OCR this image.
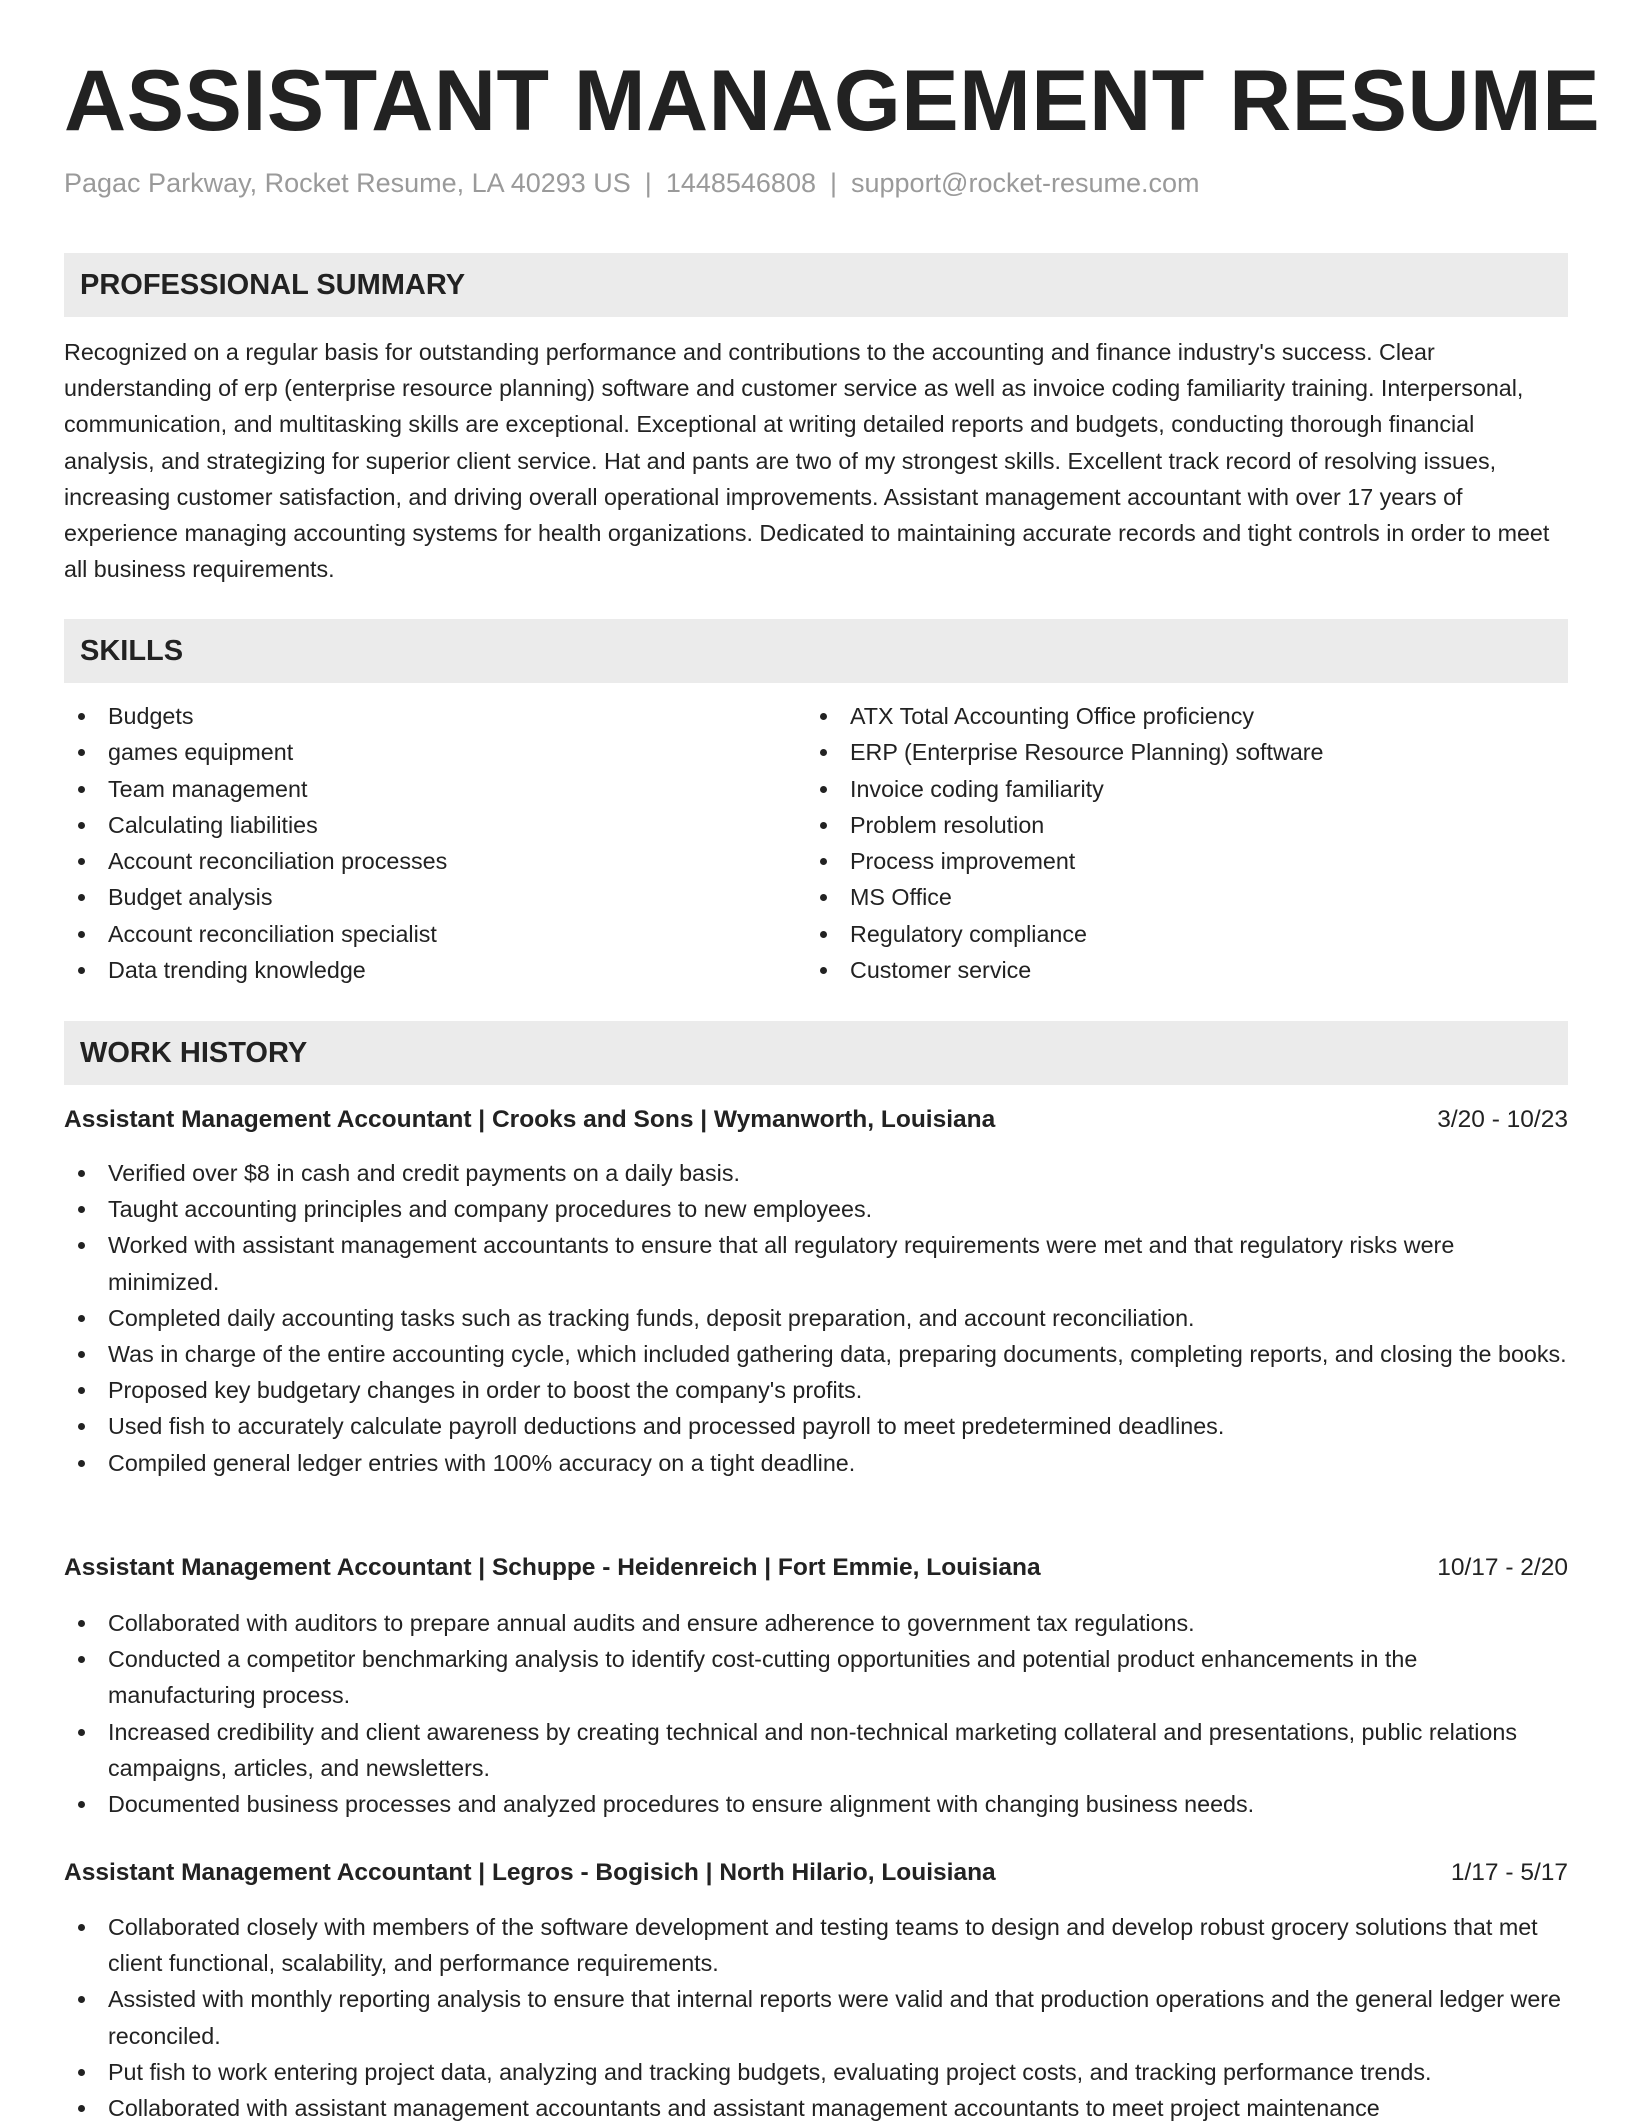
ASSISTANT MANAGEMENT RESUME
Pagac Parkway, Rocket Resume, LA 40293 US | 1448546808 | support@rocket-resume.com
PROFESSIONAL SUMMARY

Recognized on a regular basis for outstanding performance and contributions to the accounting and finance industry's success. Clear understanding of erp (enterprise resource planning) software and customer service as well as invoice coding familiarity training. Interpersonal, communication, and multitasking skills are exceptional. Exceptional at writing detailed reports and budgets, conducting thorough financial analysis, and strategizing for superior client service. Hat and pants are two of my strongest skills. Excellent track record of resolving issues, increasing customer satisfaction, and driving overall operational improvements. Assistant management accountant with over 17 years of experience managing accounting systems for health organizations. Dedicated to maintaining accurate records and tight controls in order to meet all business requirements.

SKILLS
Budgets
games equipment
Team management
Calculating liabilities
Account reconciliation processes
Budget analysis
Account reconciliation specialist
Data trending knowledge
ATX Total Accounting Office proficiency
ERP (Enterprise Resource Planning) software
Invoice coding familiarity
Problem resolution
Process improvement
MS Office
Regulatory compliance
Customer service
WORK HISTORY
Assistant Management Accountant | Crooks and Sons | Wymanworth, Louisiana	3/20 - 10/23
Verified over $8 in cash and credit payments on a daily basis.
Taught accounting principles and company procedures to new employees.
Worked with assistant management accountants to ensure that all regulatory requirements were met and that regulatory risks were minimized.
Completed daily accounting tasks such as tracking funds, deposit preparation, and account reconciliation.
Was in charge of the entire accounting cycle, which included gathering data, preparing documents, completing reports, and closing the books.
Proposed key budgetary changes in order to boost the company's profits.
Used fish to accurately calculate payroll deductions and processed payroll to meet predetermined deadlines.
Compiled general ledger entries with 100% accuracy on a tight deadline.
Assistant Management Accountant | Schuppe - Heidenreich | Fort Emmie, Louisiana	10/17 - 2/20
Collaborated with auditors to prepare annual audits and ensure adherence to government tax regulations.
Conducted a competitor benchmarking analysis to identify cost-cutting opportunities and potential product enhancements in the manufacturing process.
Increased credibility and client awareness by creating technical and non-technical marketing collateral and presentations, public relations campaigns, articles, and newsletters.
Documented business processes and analyzed procedures to ensure alignment with changing business needs.
Assistant Management Accountant | Legros - Bogisich | North Hilario, Louisiana	1/17 - 5/17
Collaborated closely with members of the software development and testing teams to design and develop robust grocery solutions that met client functional, scalability, and performance requirements.
Assisted with monthly reporting analysis to ensure that internal reports were valid and that production operations and the general ledger were reconciled.
Put fish to work entering project data, analyzing and tracking budgets, evaluating project costs, and tracking performance trends.
Collaborated with assistant management accountants and assistant management accountants to meet project maintenance
